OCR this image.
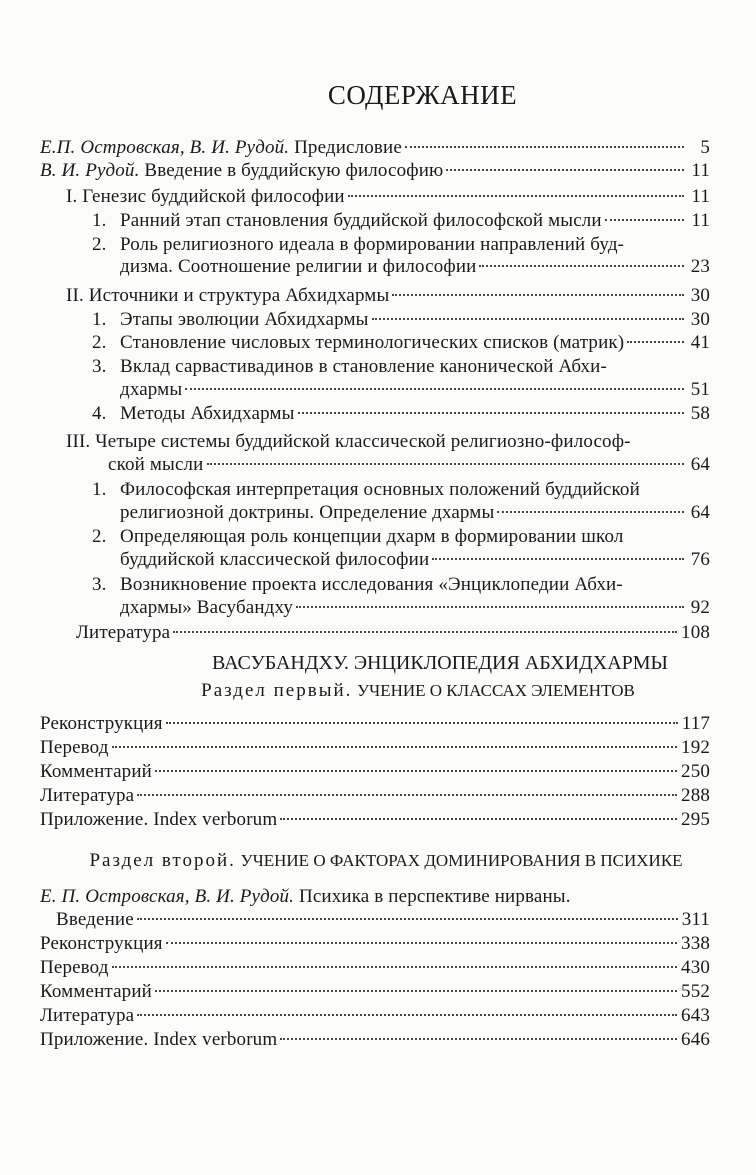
СОДЕРЖАНИЕ
Е.П. Островская, В. И. Рудой. Предисловие	5
В. И. Рудой. Введение в буддийскую философию	11
I. Генезис буддийской философии	11
1. Ранний этап становления буддийской философской мысли	11
2. Роль религиозного идеала в формировании направлений буд-
дизма. Соотношение религии и философии	23
II. Источники и структура Абхидхармы	30
1. Этапы эволюции Абхидхармы	30
2. Становление числовых терминологических списков (матрик)	41
3. Вклад сарвастивадинов в становление канонической Абхи-
дхармы	51
4. Методы Абхидхармы	58
III. Четыре системы буддийской классической религиозно-философ-
ской мысли	64
1. Философская интерпретация основных положений буддийской
религиозной доктрины. Определение дхармы	64
2. Определяющая роль концепции дхарм в формировании школ
буддийской классической философии	76
3. Возникновение проекта исследования «Энциклопедии Абхи-
дхармы» Васубандху	92
Литература	108
ВАСУБАНДХУ. ЭНЦИКЛОПЕДИЯ АБХИДХАРМЫ
Раздел первый. УЧЕНИЕ О КЛАССАХ ЭЛЕМЕНТОВ
Реконструкция	117
Перевод	192
Комментарий	250
Литература	288
Приложение. Index verborum	295
Раздел второй. УЧЕНИЕ О ФАКТОРАХ ДОМИНИРОВАНИЯ В ПСИХИКЕ
Е. П. Островская, В. И. Рудой. Психика в перспективе нирваны.
Введение	311
Реконструкция	338
Перевод	430
Комментарий	552
Литература	643
Приложение. Index verborum	646
